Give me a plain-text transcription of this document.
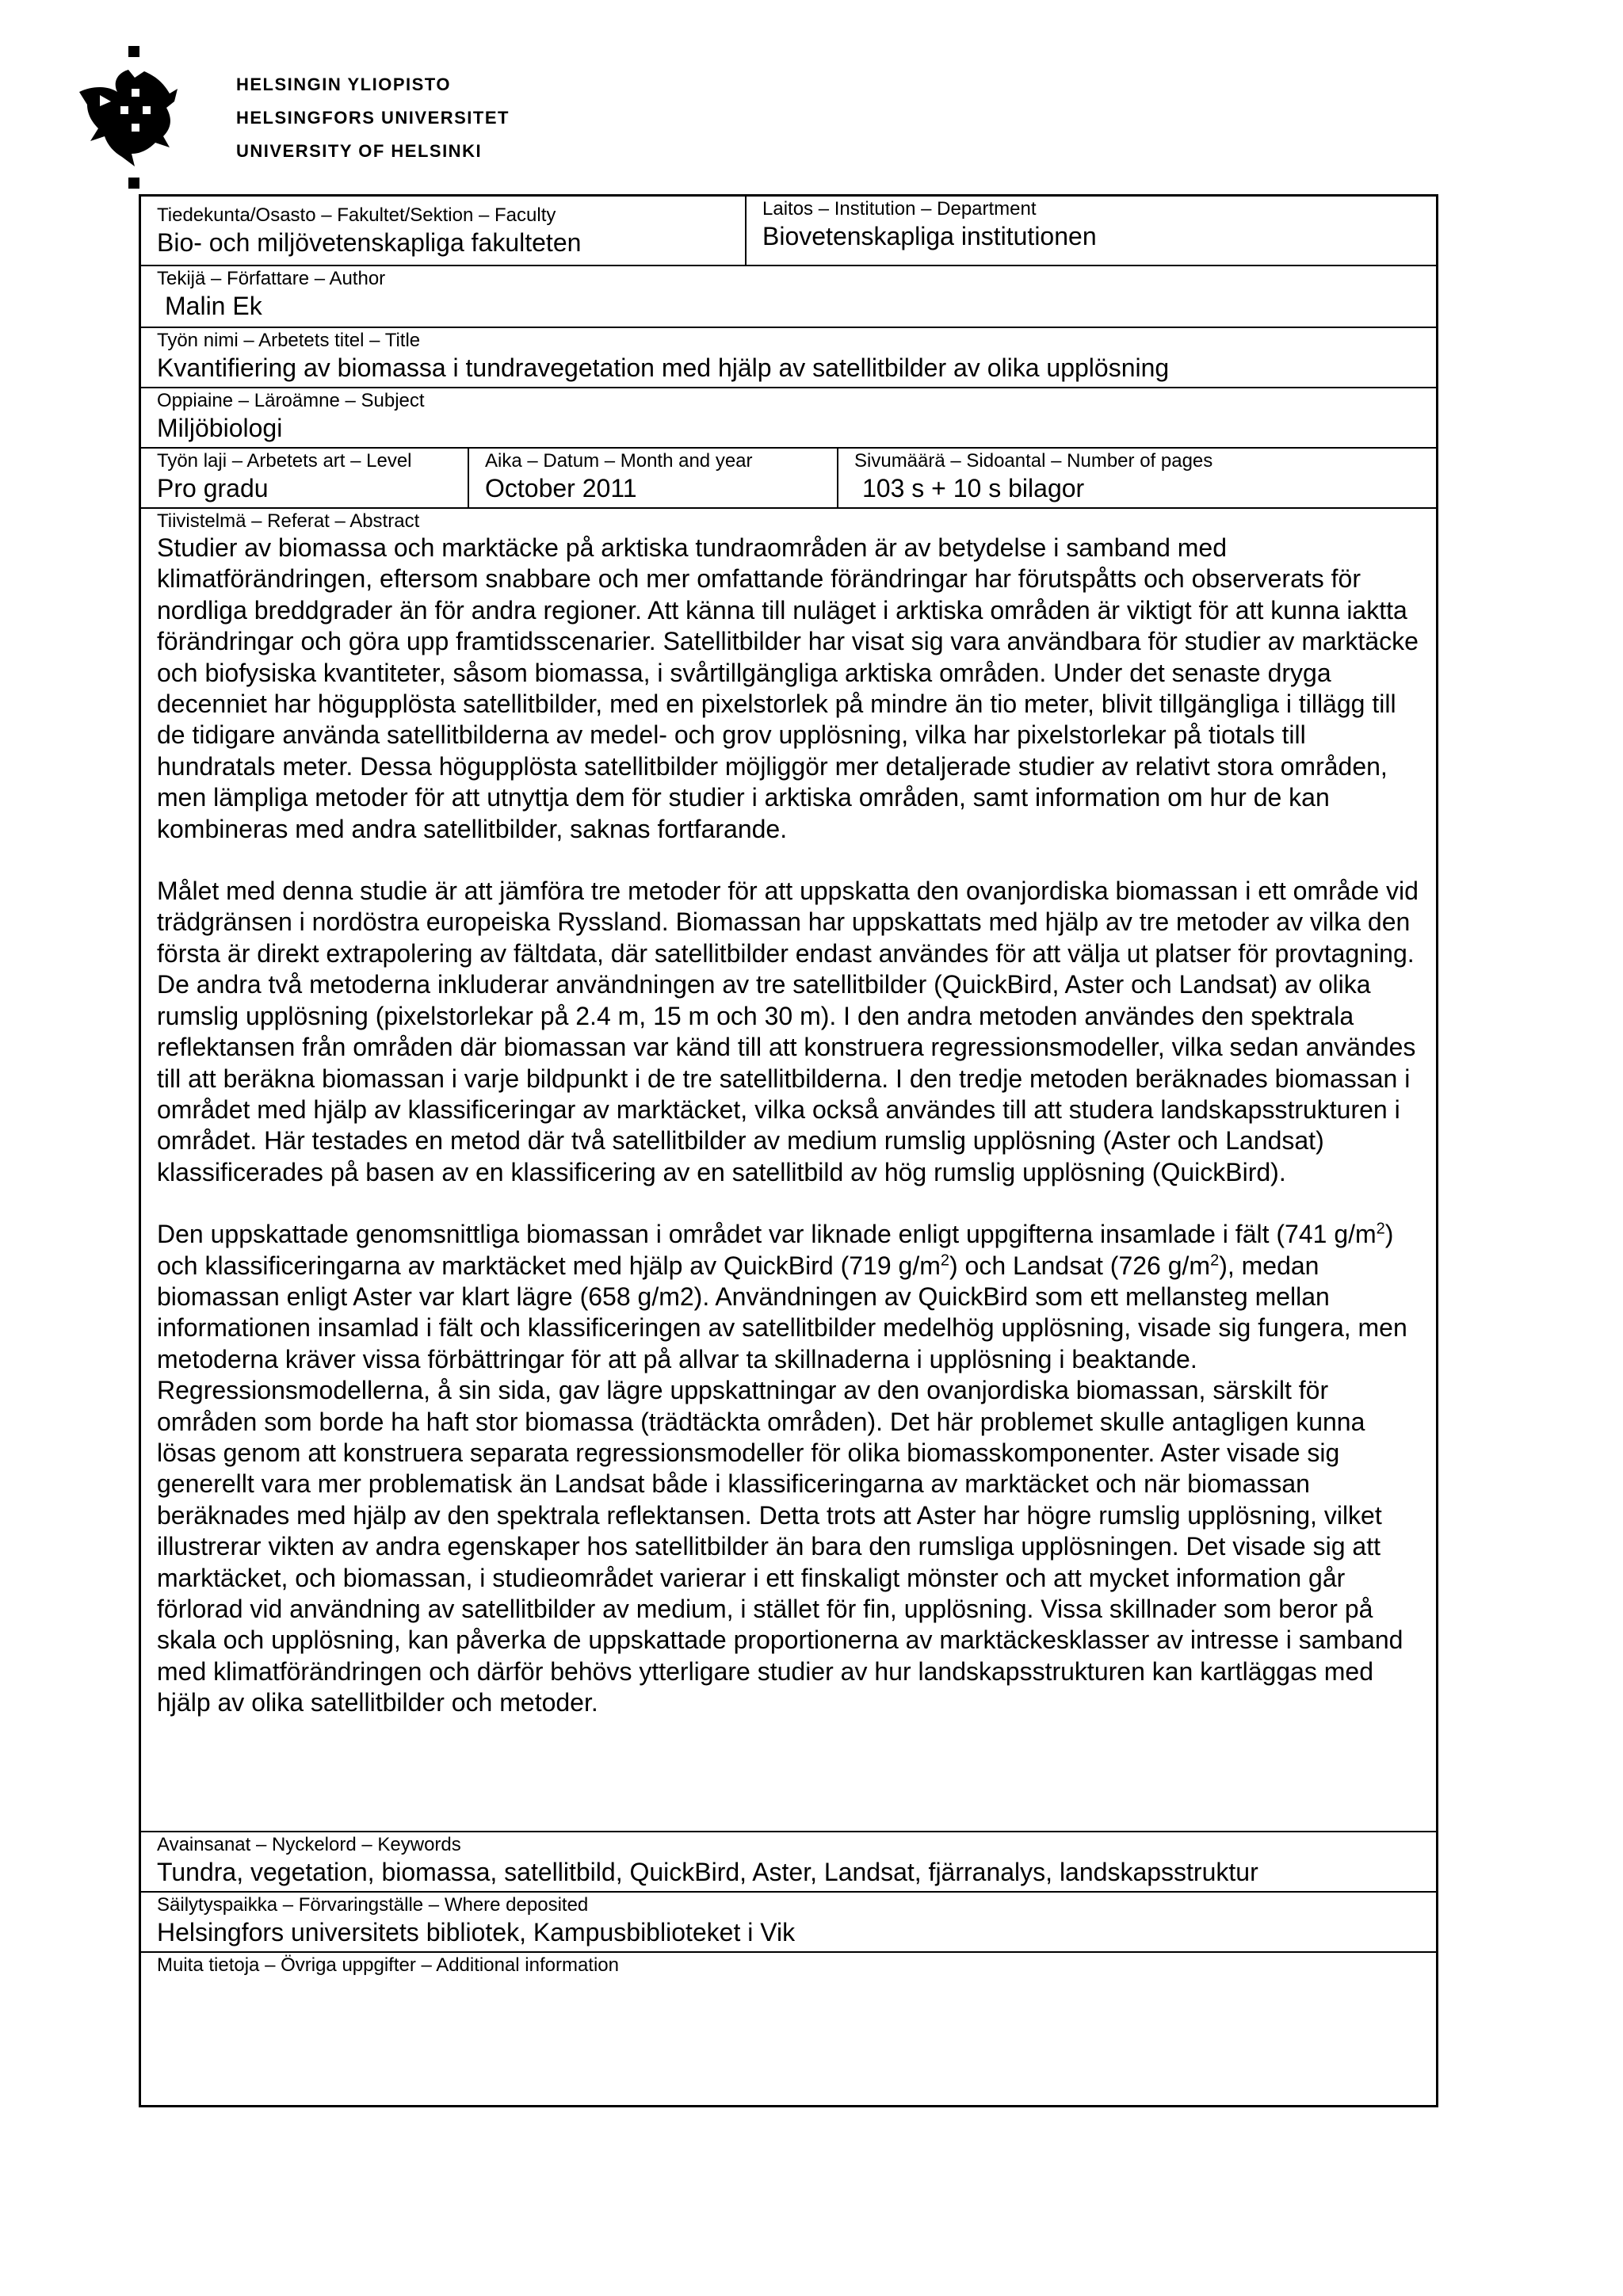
HELSINGIN YLIOPISTO
HELSINGFORS UNIVERSITET
UNIVERSITY OF HELSINKI
Tiedekunta/Osasto – Fakultet/Sektion – Faculty
Bio- och miljövetenskapliga fakulteten
Laitos – Institution – Department
Biovetenskapliga institutionen
Tekijä – Författare – Author
Malin Ek
Työn nimi – Arbetets titel – Title
Kvantifiering av biomassa i tundravegetation med hjälp av satellitbilder av olika upplösning
Oppiaine – Läroämne – Subject
Miljöbiologi
Työn laji – Arbetets art – Level
Pro gradu
Aika – Datum – Month and year
October 2011
Sivumäärä – Sidoantal – Number of pages
103 s + 10 s bilagor
Tiivistelmä – Referat – Abstract

Studier av biomassa och marktäcke på arktiska tundraområden är av betydelse i samband med klimatförändringen, eftersom snabbare och mer omfattande förändringar har förutspåtts och observerats för nordliga breddgrader än för andra regioner. Att känna till nuläget i arktiska områden är viktigt för att kunna iaktta förändringar och göra upp framtidsscenarier. Satellitbilder har visat sig vara användbara för studier av marktäcke och biofysiska kvantiteter, såsom biomassa, i svårtillgängliga arktiska områden. Under det senaste dryga decenniet har högupplösta satellitbilder, med en pixelstorlek på mindre än tio meter, blivit tillgängliga i tillägg till de tidigare använda satellitbilderna av medel- och grov upplösning, vilka har pixelstorlekar på tiotals till hundratals meter. Dessa högupplösta satellitbilder möjliggör mer detaljerade studier av relativt stora områden, men lämpliga metoder för att utnyttja dem för studier i arktiska områden, samt information om hur de kan kombineras med andra satellitbilder, saknas fortfarande.

Målet med denna studie är att jämföra tre metoder för att uppskatta den ovanjordiska biomassan i ett område vid trädgränsen i nordöstra europeiska Ryssland. Biomassan har uppskattats med hjälp av tre metoder av vilka den första är direkt extrapolering av fältdata, där satellitbilder endast användes för att välja ut platser för provtagning. De andra två metoderna inkluderar användningen av tre satellitbilder (QuickBird, Aster och Landsat) av olika rumslig upplösning (pixelstorlekar på 2.4 m, 15 m och 30 m). I den andra metoden användes den spektrala reflektansen från områden där biomassan var känd till att konstruera regressionsmodeller, vilka sedan användes till att beräkna biomassan i varje bildpunkt i de tre satellitbilderna. I den tredje metoden beräknades biomassan i området med hjälp av klassificeringar av marktäcket, vilka också användes till att studera landskapsstrukturen i området. Här testades en metod där två satellitbilder av medium rumslig upplösning (Aster och Landsat) klassificerades på basen av en klassificering av en satellitbild av hög rumslig upplösning (QuickBird).

Den uppskattade genomsnittliga biomassan i området var liknade enligt uppgifterna insamlade i fält (741 $g/m^2$) och klassificeringarna av marktäcket med hjälp av QuickBird (719 $g/m^2$) och Landsat (726 $g/m^2$), medan biomassan enligt Aster var klart lägre (658 g/m2). Användningen av QuickBird som ett mellansteg mellan informationen insamlad i fält och klassificeringen av satellitbilder medelhög upplösning, visade sig fungera, men metoderna kräver vissa förbättringar för att på allvar ta skillnaderna i upplösning i beaktande. Regressionsmodellerna, å sin sida, gav lägre uppskattningar av den ovanjordiska biomassan, särskilt för områden som borde ha haft stor biomassa (trädtäckta områden). Det här problemet skulle antagligen kunna lösas genom att konstruera separata regressionsmodeller för olika biomasskomponenter. Aster visade sig generellt vara mer problematisk än Landsat både i klassificeringarna av marktäcket och när biomassan beräknades med hjälp av den spektrala reflektansen. Detta trots att Aster har högre rumslig upplösning, vilket illustrerar vikten av andra egenskaper hos satellitbilder än bara den rumsliga upplösningen. Det visade sig att marktäcket, och biomassan, i studieområdet varierar i ett finskaligt mönster och att mycket information går förlorad vid användning av satellitbilder av medium, i stället för fin, upplösning. Vissa skillnader som beror på skala och upplösning, kan påverka de uppskattade proportionerna av marktäckesklasser av intresse i samband med klimatförändringen och därför behövs ytterligare studier av hur landskapsstrukturen kan kartläggas med hjälp av olika satellitbilder och metoder.

Avainsanat – Nyckelord – Keywords
Tundra, vegetation, biomassa, satellitbild, QuickBird, Aster, Landsat, fjärranalys, landskapsstruktur
Säilytyspaikka – Förvaringställe – Where deposited
Helsingfors universitets bibliotek, Kampusbiblioteket i Vik
Muita tietoja – Övriga uppgifter – Additional information
